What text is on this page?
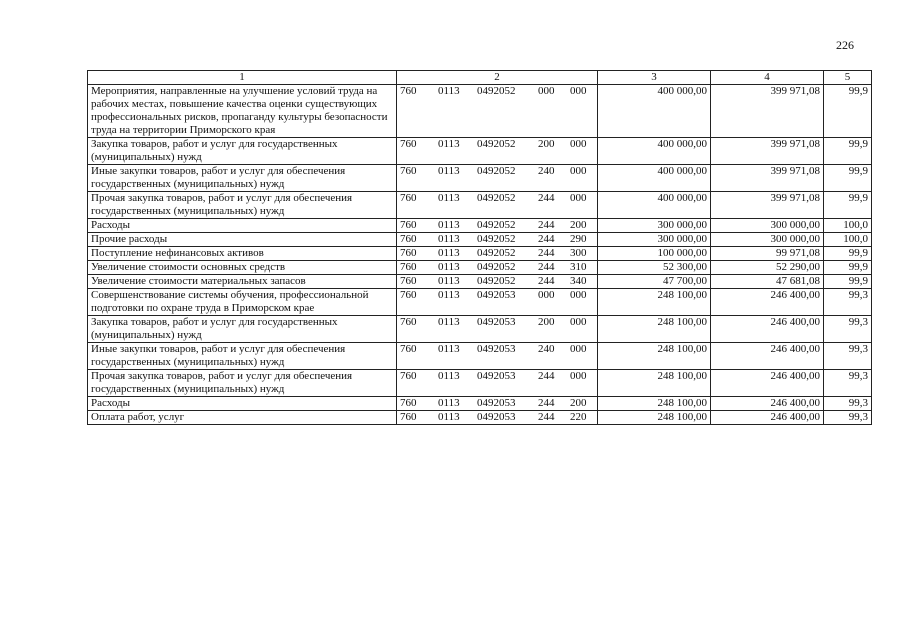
226
1	2	3	4	5
Мероприятия, направленные на улучшение условий труда на рабочих местах, повышение качества оценки существующих профессиональных рисков, пропаганду культуры безопасности труда на территории Приморского края	760 0113 0492052 000 000	400 000,00	399 971,08	99,9
Закупка товаров, работ и услуг для государственных (муниципальных) нужд	760 0113 0492052 200 000	400 000,00	399 971,08	99,9
Иные закупки товаров, работ и услуг для обеспечения государственных (муниципальных) нужд	760 0113 0492052 240 000	400 000,00	399 971,08	99,9
Прочая закупка товаров, работ и услуг для обеспечения государственных (муниципальных) нужд	760 0113 0492052 244 000	400 000,00	399 971,08	99,9
Расходы	760 0113 0492052 244 200	300 000,00	300 000,00	100,0
Прочие расходы	760 0113 0492052 244 290	300 000,00	300 000,00	100,0
Поступление нефинансовых активов	760 0113 0492052 244 300	100 000,00	99 971,08	99,9
Увеличение стоимости основных средств	760 0113 0492052 244 310	52 300,00	52 290,00	99,9
Увеличение стоимости материальных запасов	760 0113 0492052 244 340	47 700,00	47 681,08	99,9
Совершенствование системы обучения, профессиональной подготовки по охране труда в Приморском крае	760 0113 0492053 000 000	248 100,00	246 400,00	99,3
Закупка товаров, работ и услуг для государственных (муниципальных) нужд	760 0113 0492053 200 000	248 100,00	246 400,00	99,3
Иные закупки товаров, работ и услуг для обеспечения государственных (муниципальных) нужд	760 0113 0492053 240 000	248 100,00	246 400,00	99,3
Прочая закупка товаров, работ и услуг для обеспечения государственных (муниципальных) нужд	760 0113 0492053 244 000	248 100,00	246 400,00	99,3
Расходы	760 0113 0492053 244 200	248 100,00	246 400,00	99,3
Оплата работ, услуг	760 0113 0492053 244 220	248 100,00	246 400,00	99,3
